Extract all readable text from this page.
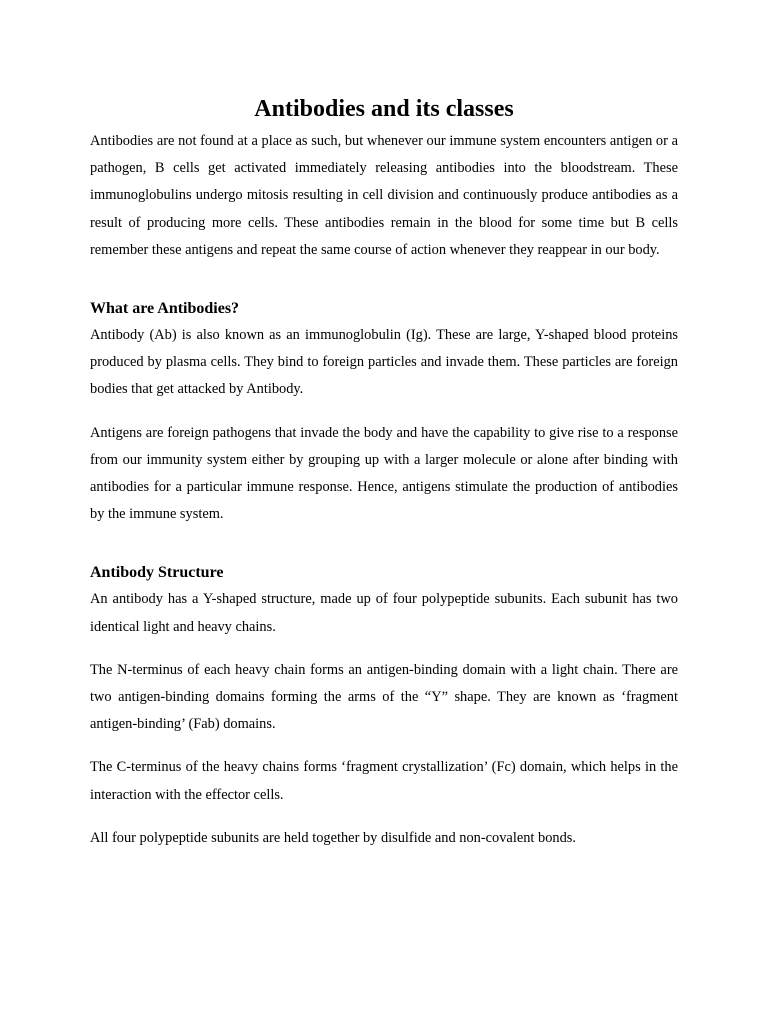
Antibodies and its classes

Antibodies are not found at a place as such, but whenever our immune system encounters antigen or a pathogen, B cells get activated immediately releasing antibodies into the bloodstream. These immunoglobulins undergo mitosis resulting in cell division and continuously produce antibodies as a result of producing more cells. These antibodies remain in the blood for some time but B cells remember these antigens and repeat the same course of action whenever they reappear in our body.

What are Antibodies?

Antibody (Ab) is also known as an immunoglobulin (Ig). These are large, Y-shaped blood proteins produced by plasma cells. They bind to foreign particles and invade them. These particles are foreign bodies that get attacked by Antibody.

Antigens are foreign pathogens that invade the body and have the capability to give rise to a response from our immunity system either by grouping up with a larger molecule or alone after binding with antibodies for a particular immune response. Hence, antigens stimulate the production of antibodies by the immune system.

Antibody Structure

An antibody has a Y-shaped structure, made up of four polypeptide subunits. Each subunit has two identical light and heavy chains.

The N-terminus of each heavy chain forms an antigen-binding domain with a light chain. There are two antigen-binding domains forming the arms of the “Y” shape. They are known as ‘fragment antigen-binding’ (Fab) domains.

The C-terminus of the heavy chains forms ‘fragment crystallization’ (Fc) domain, which helps in the interaction with the effector cells.

All four polypeptide subunits are held together by disulfide and non-covalent bonds.
